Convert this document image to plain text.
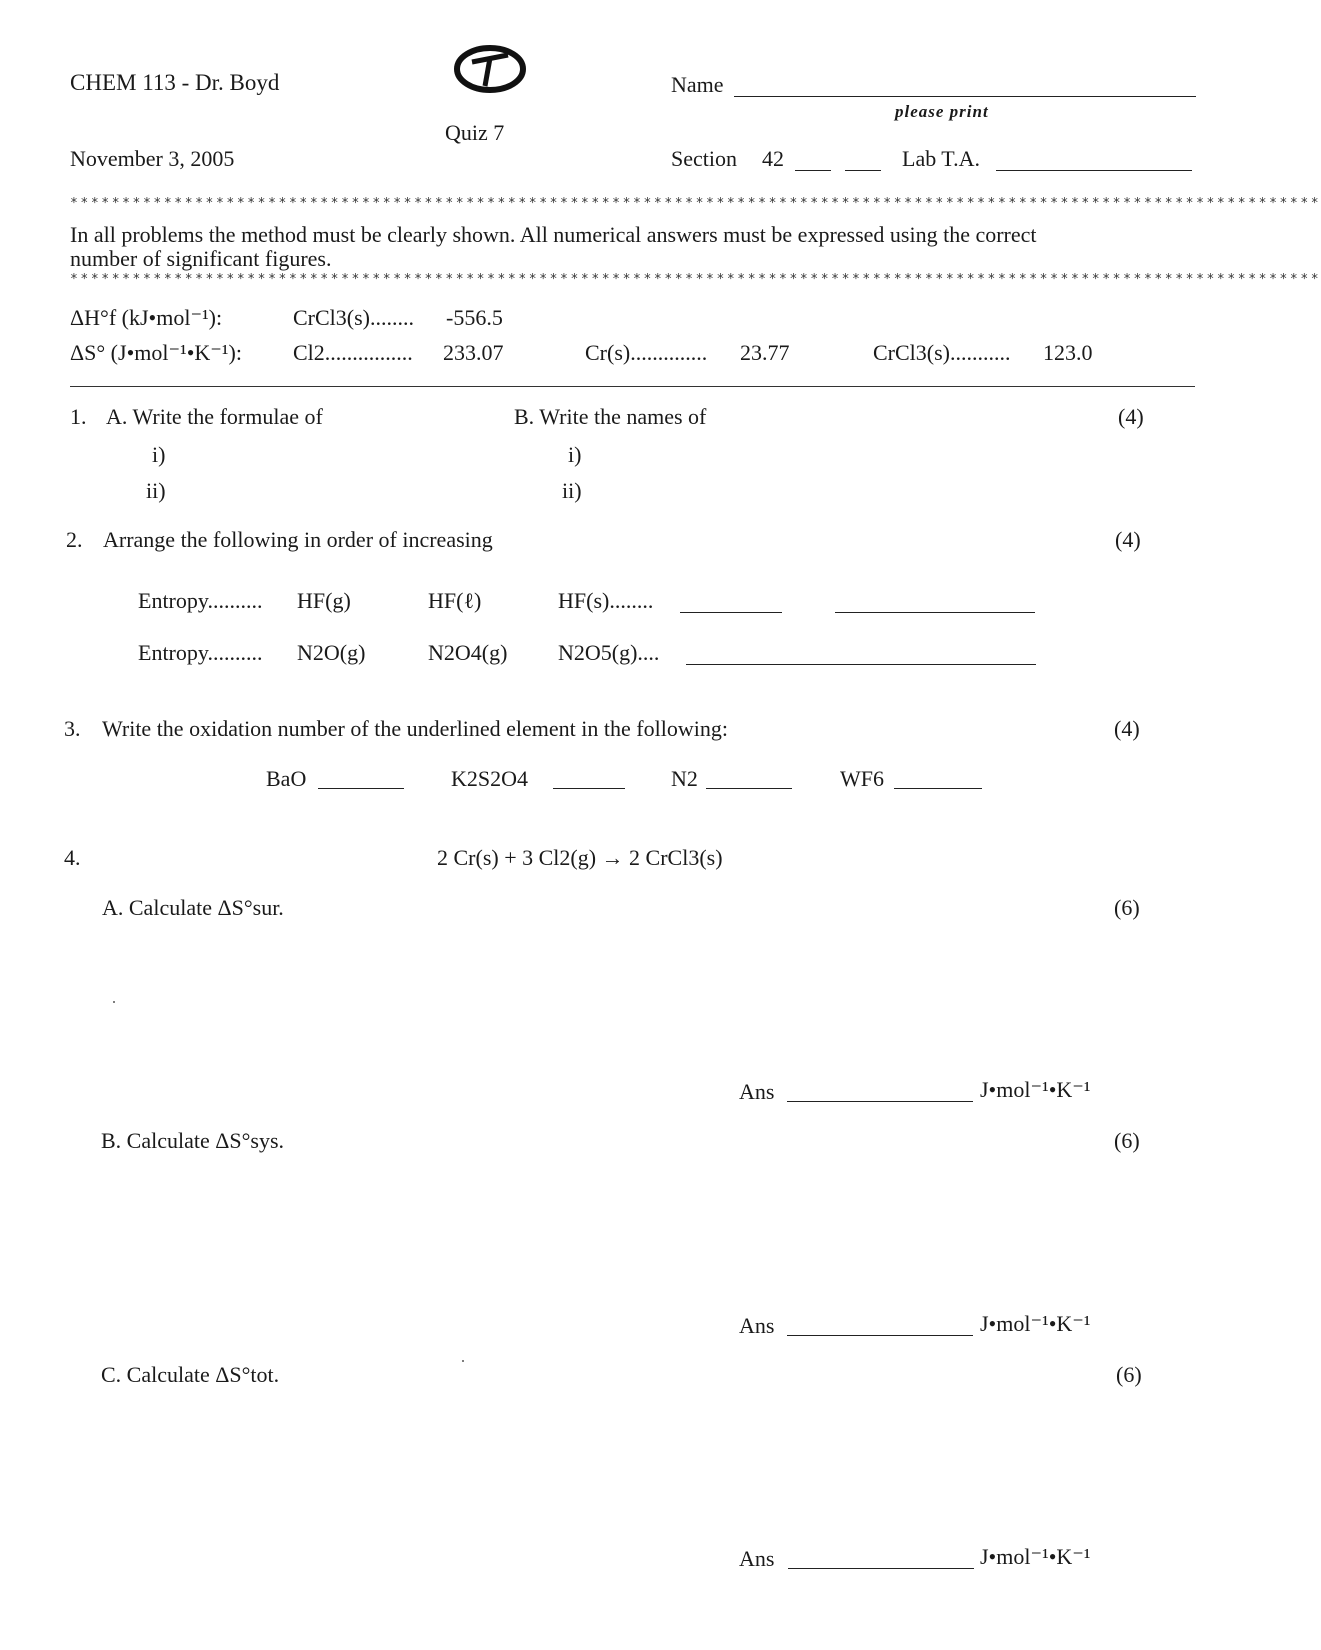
CHEM 113 - Dr. Boyd
Quiz 7
November 3, 2005
Name
please print
Section 42	Lab T.A.
************************************************************************************************************************
In all problems the method must be clearly shown. All numerical answers must be expressed using the correct
number of significant figures.
************************************************************************************************************************
ΔH°f (kJ•mol⁻¹):	CrCl3(s)........ -556.5
ΔS° (J•mol⁻¹•K⁻¹): Cl2................ 233.07	Cr(s).............. 23.77	CrCl3(s)........... 123.0
1. A. Write the formulae of	B. Write the names of	(4)
i)
ii)
i)
ii)
2. Arrange the following in order of increasing	(4)
Entropy.......... HF(g)	HF(ℓ)	HF(s)........
Entropy.......... N2O(g)	N2O4(g) N2O5(g)....
3. Write the oxidation number of the underlined element in the following:	(4)
BaO	K2S2O4	N2	WF6
4.	2 Cr(s) + 3 Cl2(g) → 2 CrCl3(s)
A. Calculate ΔS°sur.	(6)
Ans	J•mol⁻¹•K⁻¹
B. Calculate ΔS°sys.	(6)
Ans	J•mol⁻¹•K⁻¹
C. Calculate ΔS°tot.	(6)
Ans	J•mol⁻¹•K⁻¹
